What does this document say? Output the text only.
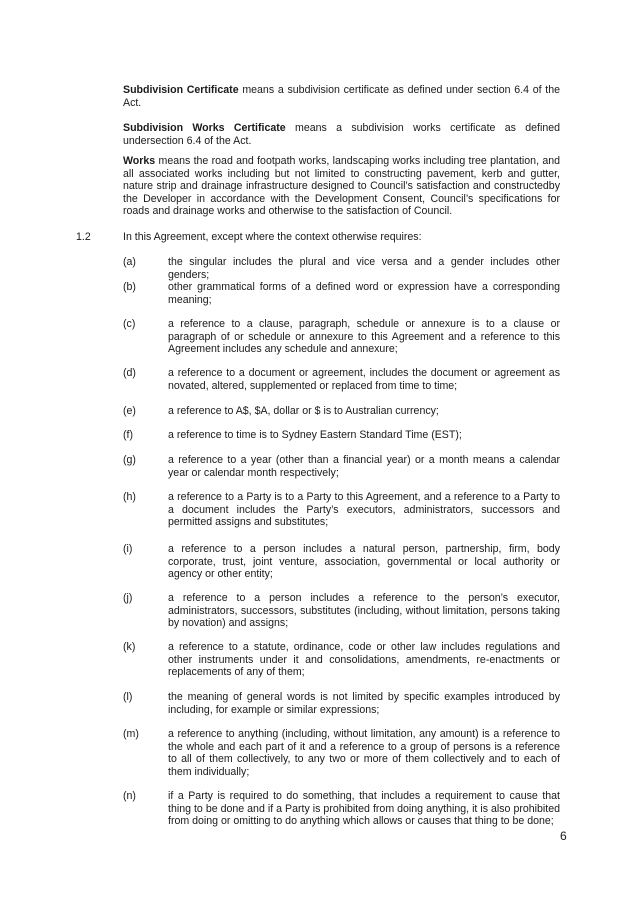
Subdivision Certificate means a subdivision certificate as defined under section 6.4 of the Act.
Subdivision Works Certificate means a subdivision works certificate as defined undersection 6.4 of the Act.
Works means the road and footpath works, landscaping works including tree plantation, and all associated works including but not limited to constructing pavement, kerb and gutter, nature strip and drainage infrastructure designed to Council’s satisfaction and constructedby the Developer in accordance with the Development Consent, Council’s specifications for roads and drainage works and otherwise to the satisfaction of Council.
1.2	In this Agreement, except where the context otherwise requires:
(a)	the singular includes the plural and vice versa and a gender includes other genders;
(b)	other grammatical forms of a defined word or expression have a corresponding meaning;
(c)	a reference to a clause, paragraph, schedule or annexure is to a clause or paragraph of or schedule or annexure to this Agreement and a reference to this Agreement includes any schedule and annexure;
(d)	a reference to a document or agreement, includes the document or agreement as novated, altered, supplemented or replaced from time to time;
(e)	a reference to A$, $A, dollar or $ is to Australian currency;
(f)	a reference to time is to Sydney Eastern Standard Time (EST);
(g)	a reference to a year (other than a financial year) or a month means a calendar year or calendar month respectively;
(h)	a reference to a Party is to a Party to this Agreement, and a reference to a Party to a document includes the Party’s executors, administrators, successors and permitted assigns and substitutes;
(i)	a reference to a person includes a natural person, partnership, firm, body corporate, trust, joint venture, association, governmental or local authority or agency or other entity;
(j)	a reference to a person includes a reference to the person’s executor, administrators, successors, substitutes (including, without limitation, persons taking by novation) and assigns;
(k)	a reference to a statute, ordinance, code or other law includes regulations and other instruments under it and consolidations, amendments, re-enactments or replacements of any of them;
(l)	the meaning of general words is not limited by specific examples introduced by including, for example or similar expressions;
(m)	a reference to anything (including, without limitation, any amount) is a reference to the whole and each part of it and a reference to a group of persons is a reference to all of them collectively, to any two or more of them collectively and to each of them individually;
(n)	if a Party is required to do something, that includes a requirement to cause that thing to be done and if a Party is prohibited from doing anything, it is also prohibited from doing or omitting to do anything which allows or causes that thing to be done;
6
